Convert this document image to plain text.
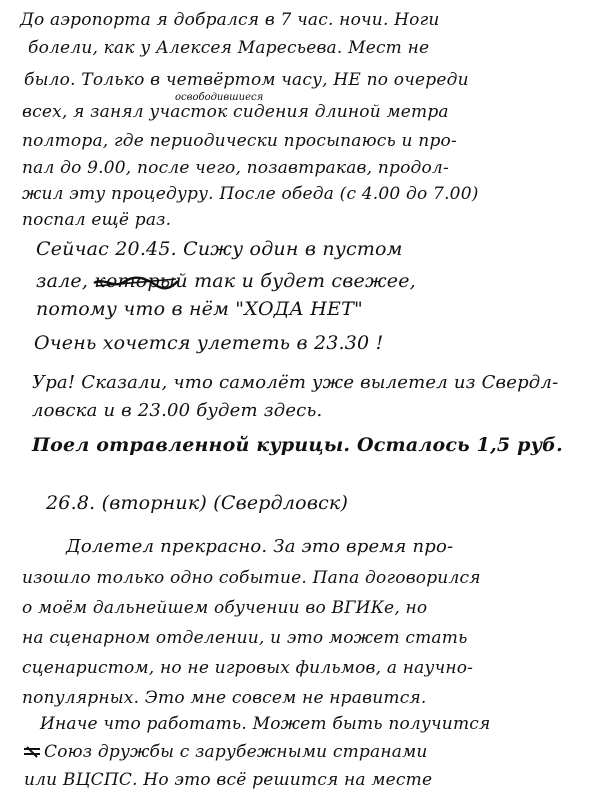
До аэропорта я добрался в 7 час. ночи. Ноги

болели, как у Алексея Маресьева. Мест не

было. Только в четвёртом часу, НЕ по очереди

освободившиеся

всех, я занял участок сидения длиной метра

полтора, где периодически просыпаюсь и про-

пал до 9.00, после чего, позавтракав, продол-

жил эту процедуру. После обеда (с 4.00 до 7.00)

поспал ещё раз.

Сейчас 20.45. Сижу один в пустом

зале, который так и будет свежее,

потому что в нём "ХОДА НЕТ"

Очень хочется улететь в 23.30 !

Ура! Сказали, что самолёт уже вылетел из Свердл-

ловска и в 23.00 будет здесь.

Поел отравленной курицы. Осталось 1,5 руб.

26.8. (вторник) (Свердловск)

Долетел прекрасно. За это время про-

изошло только одно событие. Папа договорился

о моём дальнейшем обучении во ВГИКе, но

на сценарном отделении, и это может стать

сценаристом, но не игровых фильмов, а научно-

популярных. Это мне совсем не нравится.

Иначе что работать. Может быть получится

Союз дружбы с зарубежными странами

или ВЦСПС. Но это всё решится на месте
